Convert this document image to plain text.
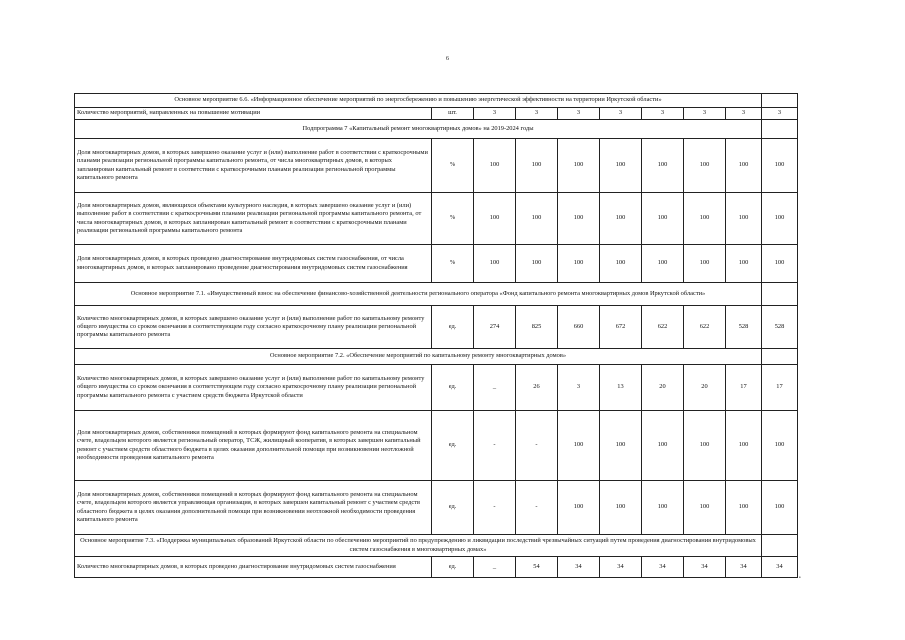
6
Основное мероприятие 6.6. «Информационное обеспечение мероприятий по энергосбережению и повышению энергетической эффективности на территории Иркутской области»									
Количество мероприятий, направленных на повышение мотивации	шт.	3	3	3	3	3	3	3	3
Подпрограмма 7 «Капитальный ремонт многоквартирных домов» на 2019-2024 годы									
Доля многоквартирных домов, в которых завершено оказание услуг и (или) выполнение работ в соответствии с краткосрочными планами реализации региональной программы капитального ремонта, от числа многоквартирных домов, в которых запланирован капитальный ремонт в соответствии с краткосрочными планами реализации региональной программы капитального ремонта	%	100	100	100	100	100	100	100	100
Доля многоквартирных домов, являющихся объектами культурного наследия, в которых завершено оказание услуг и (или) выполнение работ в соответствии с краткосрочными планами реализации региональной программы капитального ремонта, от числа многоквартирных домов, в которых запланирован капитальный ремонт в соответствии с краткосрочными планами реализации региональной программы капитального ремонта	%	100	100	100	100	100	100	100	100
Доля многоквартирных домов, в которых проведено диагностирование внутридомовых систем газоснабжения, от числа многоквартирных домов, в которых запланировано проведение диагностирования внутридомовых систем газоснабжения	%	100	100	100	100	100	100	100	100
Основное мероприятие 7.1. «Имущественный взнос на обеспечение финансово-хозяйственной деятельности регионального оператора «Фонд капитального ремонта многоквартирных домов Иркутской области»									
Количество многоквартирных домов, в которых завершено оказание услуг и (или) выполнение работ по капитальному ремонту общего имущества со сроком окончания в соответствующем году согласно краткосрочному плану реализации региональной программы капитального ремонта	ед.	274	825	660	672	622	622	528	528
Основное мероприятие 7.2. «Обеспечение мероприятий по капитальному ремонту многоквартирных домов»									
Количество многоквартирных домов, в которых завершено оказание услуг и (или) выполнение работ по капитальному ремонту общего имущества со сроком окончания в соответствующем году согласно краткосрочному плану реализации региональной программы капитального ремонта с участием средств бюджета Иркутской области	ед.	_	26	3	13	20	20	17	17
Доля многоквартирных домов, собственники помещений в которых формируют фонд капитального ремонта на специальном счете, владельцем которого является региональный оператор, ТСЖ, жилищный кооператив, в которых завершен капитальный ремонт с участием средств областного бюджета в целях оказания дополнительной помощи при возникновении неотложной необходимости проведения капитального ремонта	ед.	-	-	100	100	100	100	100	100
Доля многоквартирных домов, собственники помещений в которых формируют фонд капитального ремонта на специальном счете, владельцем которого является управляющая организация, в которых завершен капитальный ремонт с участием средств областного бюджета в целях оказания дополнительной помощи при возникновении неотложной необходимости проведения капитального ремонта	ед.	-	-	100	100	100	100	100	100
Основное мероприятие 7.3. «Поддержка муниципальных образований Иркутской области по обеспечению мероприятий по предупреждению и ликвидации последствий чрезвычайных ситуаций путем проведения диагностирования внутридомовых систем газоснабжения в многоквартирных домах»									
Количество многоквартирных домов, в которых проведено диагностирование внутридомовых систем газоснабжения	ед.	_	54	34	34	34	34	34	34
•
